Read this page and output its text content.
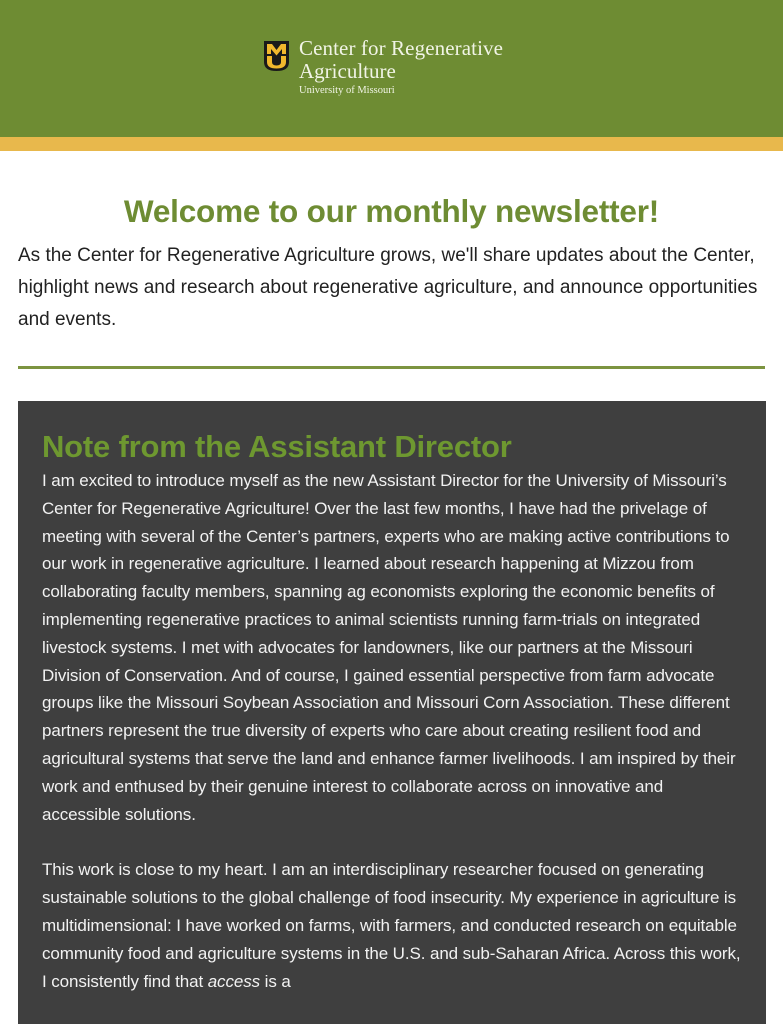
Center for Regenerative
Agriculture
University of Missouri
Welcome to our monthly newsletter!

As the Center for Regenerative Agriculture grows, we'll share updates about the Center, highlight news and research about regenerative agriculture, and announce opportunities and events.

Note from the Assistant Director

I am excited to introduce myself as the new Assistant Director for the University of Missouri’s Center for Regenerative Agriculture! Over the last few months, I have had the privelage of meeting with several of the Center’s partners, experts who are making active contributions to our work in regenerative agriculture. I learned about research happening at Mizzou from collaborating faculty members, spanning ag economists exploring the economic benefits of implementing regenerative practices to animal scientists running farm-trials on integrated livestock systems. I met with advocates for landowners, like our partners at the Missouri Division of Conservation. And of course, I gained essential perspective from farm advocate groups like the Missouri Soybean Association and Missouri Corn Association. These different partners represent the true diversity of experts who care about creating resilient food and agricultural systems that serve the land and enhance farmer livelihoods. I am inspired by their work and enthused by their genuine interest to collaborate across on innovative and accessible solutions.

This work is close to my heart. I am an interdisciplinary researcher focused on generating sustainable solutions to the global challenge of food insecurity. My experience in agriculture is multidimensional: I have worked on farms, with farmers, and conducted research on equitable community food and agriculture systems in the U.S. and sub-Saharan Africa. Across this work, I consistently find that access is a
